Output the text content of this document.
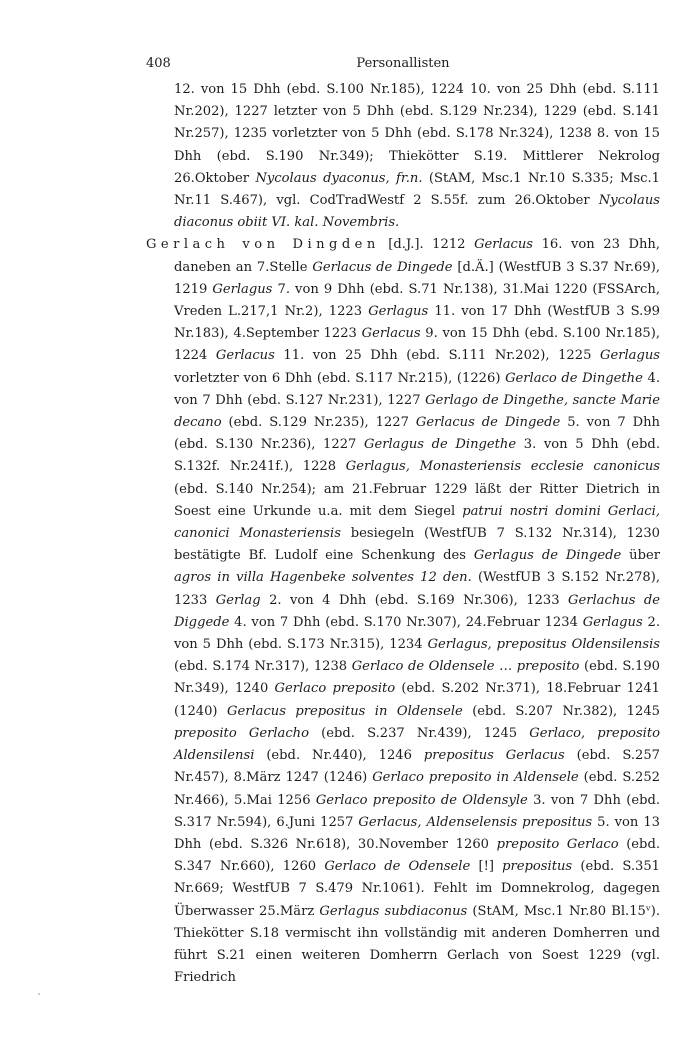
408	Personallisten

12. von 15 Dhh (ebd. S.100 Nr.185), 1224 10. von 25 Dhh (ebd. S.111 Nr.202), 1227 letzter von 5 Dhh (ebd. S.129 Nr.234), 1229 (ebd. S.141 Nr.257), 1235 vorletzter von 5 Dhh (ebd. S.178 Nr.324), 1238 8. von 15 Dhh (ebd. S.190 Nr.349); Thiekötter S.19. Mittlerer Nekrolog 26.Oktober Nycolaus dyaconus, fr.n. (StAM, Msc.1 Nr.10 S.335; Msc.1 Nr.11 S.467), vgl. CodTradWestf 2 S.55f. zum 26.Oktober Nycolaus diaconus obiit VI. kal. Novembris.

Gerlach von Dingden [d.J.]. 1212 Gerlacus 16. von 23 Dhh, daneben an 7.Stelle Gerlacus de Dingede [d.Ä.] (WestfUB 3 S.37 Nr.69), 1219 Gerlagus 7. von 9 Dhh (ebd. S.71 Nr.138), 31.Mai 1220 (FSSArch, Vreden L.217,1 Nr.2), 1223 Gerlagus 11. von 17 Dhh (WestfUB 3 S.99 Nr.183), 4.September 1223 Gerlacus 9. von 15 Dhh (ebd. S.100 Nr.185), 1224 Gerlacus 11. von 25 Dhh (ebd. S.111 Nr.202), 1225 Gerlagus vorletzter von 6 Dhh (ebd. S.117 Nr.215), (1226) Gerlaco de Dingethe 4. von 7 Dhh (ebd. S.127 Nr.231), 1227 Gerlago de Dingethe, sancte Marie decano (ebd. S.129 Nr.235), 1227 Gerlacus de Dingede 5. von 7 Dhh (ebd. S.130 Nr.236), 1227 Gerlagus de Dingethe 3. von 5 Dhh (ebd. S.132f. Nr.241f.), 1228 Gerlagus, Monasteriensis ecclesie canonicus (ebd. S.140 Nr.254); am 21.Februar 1229 läßt der Ritter Dietrich in Soest eine Urkunde u.a. mit dem Siegel patrui nostri domini Gerlaci, canonici Monasteriensis besiegeln (WestfUB 7 S.132 Nr.314), 1230 bestätigte Bf. Ludolf eine Schenkung des Gerlagus de Dingede über agros in villa Hagenbeke solventes 12 den. (WestfUB 3 S.152 Nr.278), 1233 Gerlag 2. von 4 Dhh (ebd. S.169 Nr.306), 1233 Gerlachus de Diggede 4. von 7 Dhh (ebd. S.170 Nr.307), 24.Februar 1234 Gerlagus 2. von 5 Dhh (ebd. S.173 Nr.315), 1234 Gerlagus, prepositus Oldensilensis (ebd. S.174 Nr.317), 1238 Gerlaco de Oldensele … preposito (ebd. S.190 Nr.349), 1240 Gerlaco preposito (ebd. S.202 Nr.371), 18.Februar 1241 (1240) Gerlacus prepositus in Oldensele (ebd. S.207 Nr.382), 1245 preposito Gerlacho (ebd. S.237 Nr.439), 1245 Gerlaco, preposito Aldensilensi (ebd. Nr.440), 1246 prepositus Gerlacus (ebd. S.257 Nr.457), 8.März 1247 (1246) Gerlaco preposito in Aldensele (ebd. S.252 Nr.466), 5.Mai 1256 Gerlaco preposito de Oldensyle 3. von 7 Dhh (ebd. S.317 Nr.594), 6.Juni 1257 Gerlacus, Aldenselensis prepositus 5. von 13 Dhh (ebd. S.326 Nr.618), 30.November 1260 preposito Gerlaco (ebd. S.347 Nr.660), 1260 Gerlaco de Odensele [!] prepositus (ebd. S.351 Nr.669; WestfUB 7 S.479 Nr.1061). Fehlt im Domnekrolog, dagegen Überwasser 25.März Gerlagus subdiaconus (StAM, Msc.1 Nr.80 Bl.15ᵛ). Thiekötter S.18 vermischt ihn vollständig mit anderen Domherren und führt S.21 einen weiteren Domherrn Gerlach von Soest 1229 (vgl. Friedrich
